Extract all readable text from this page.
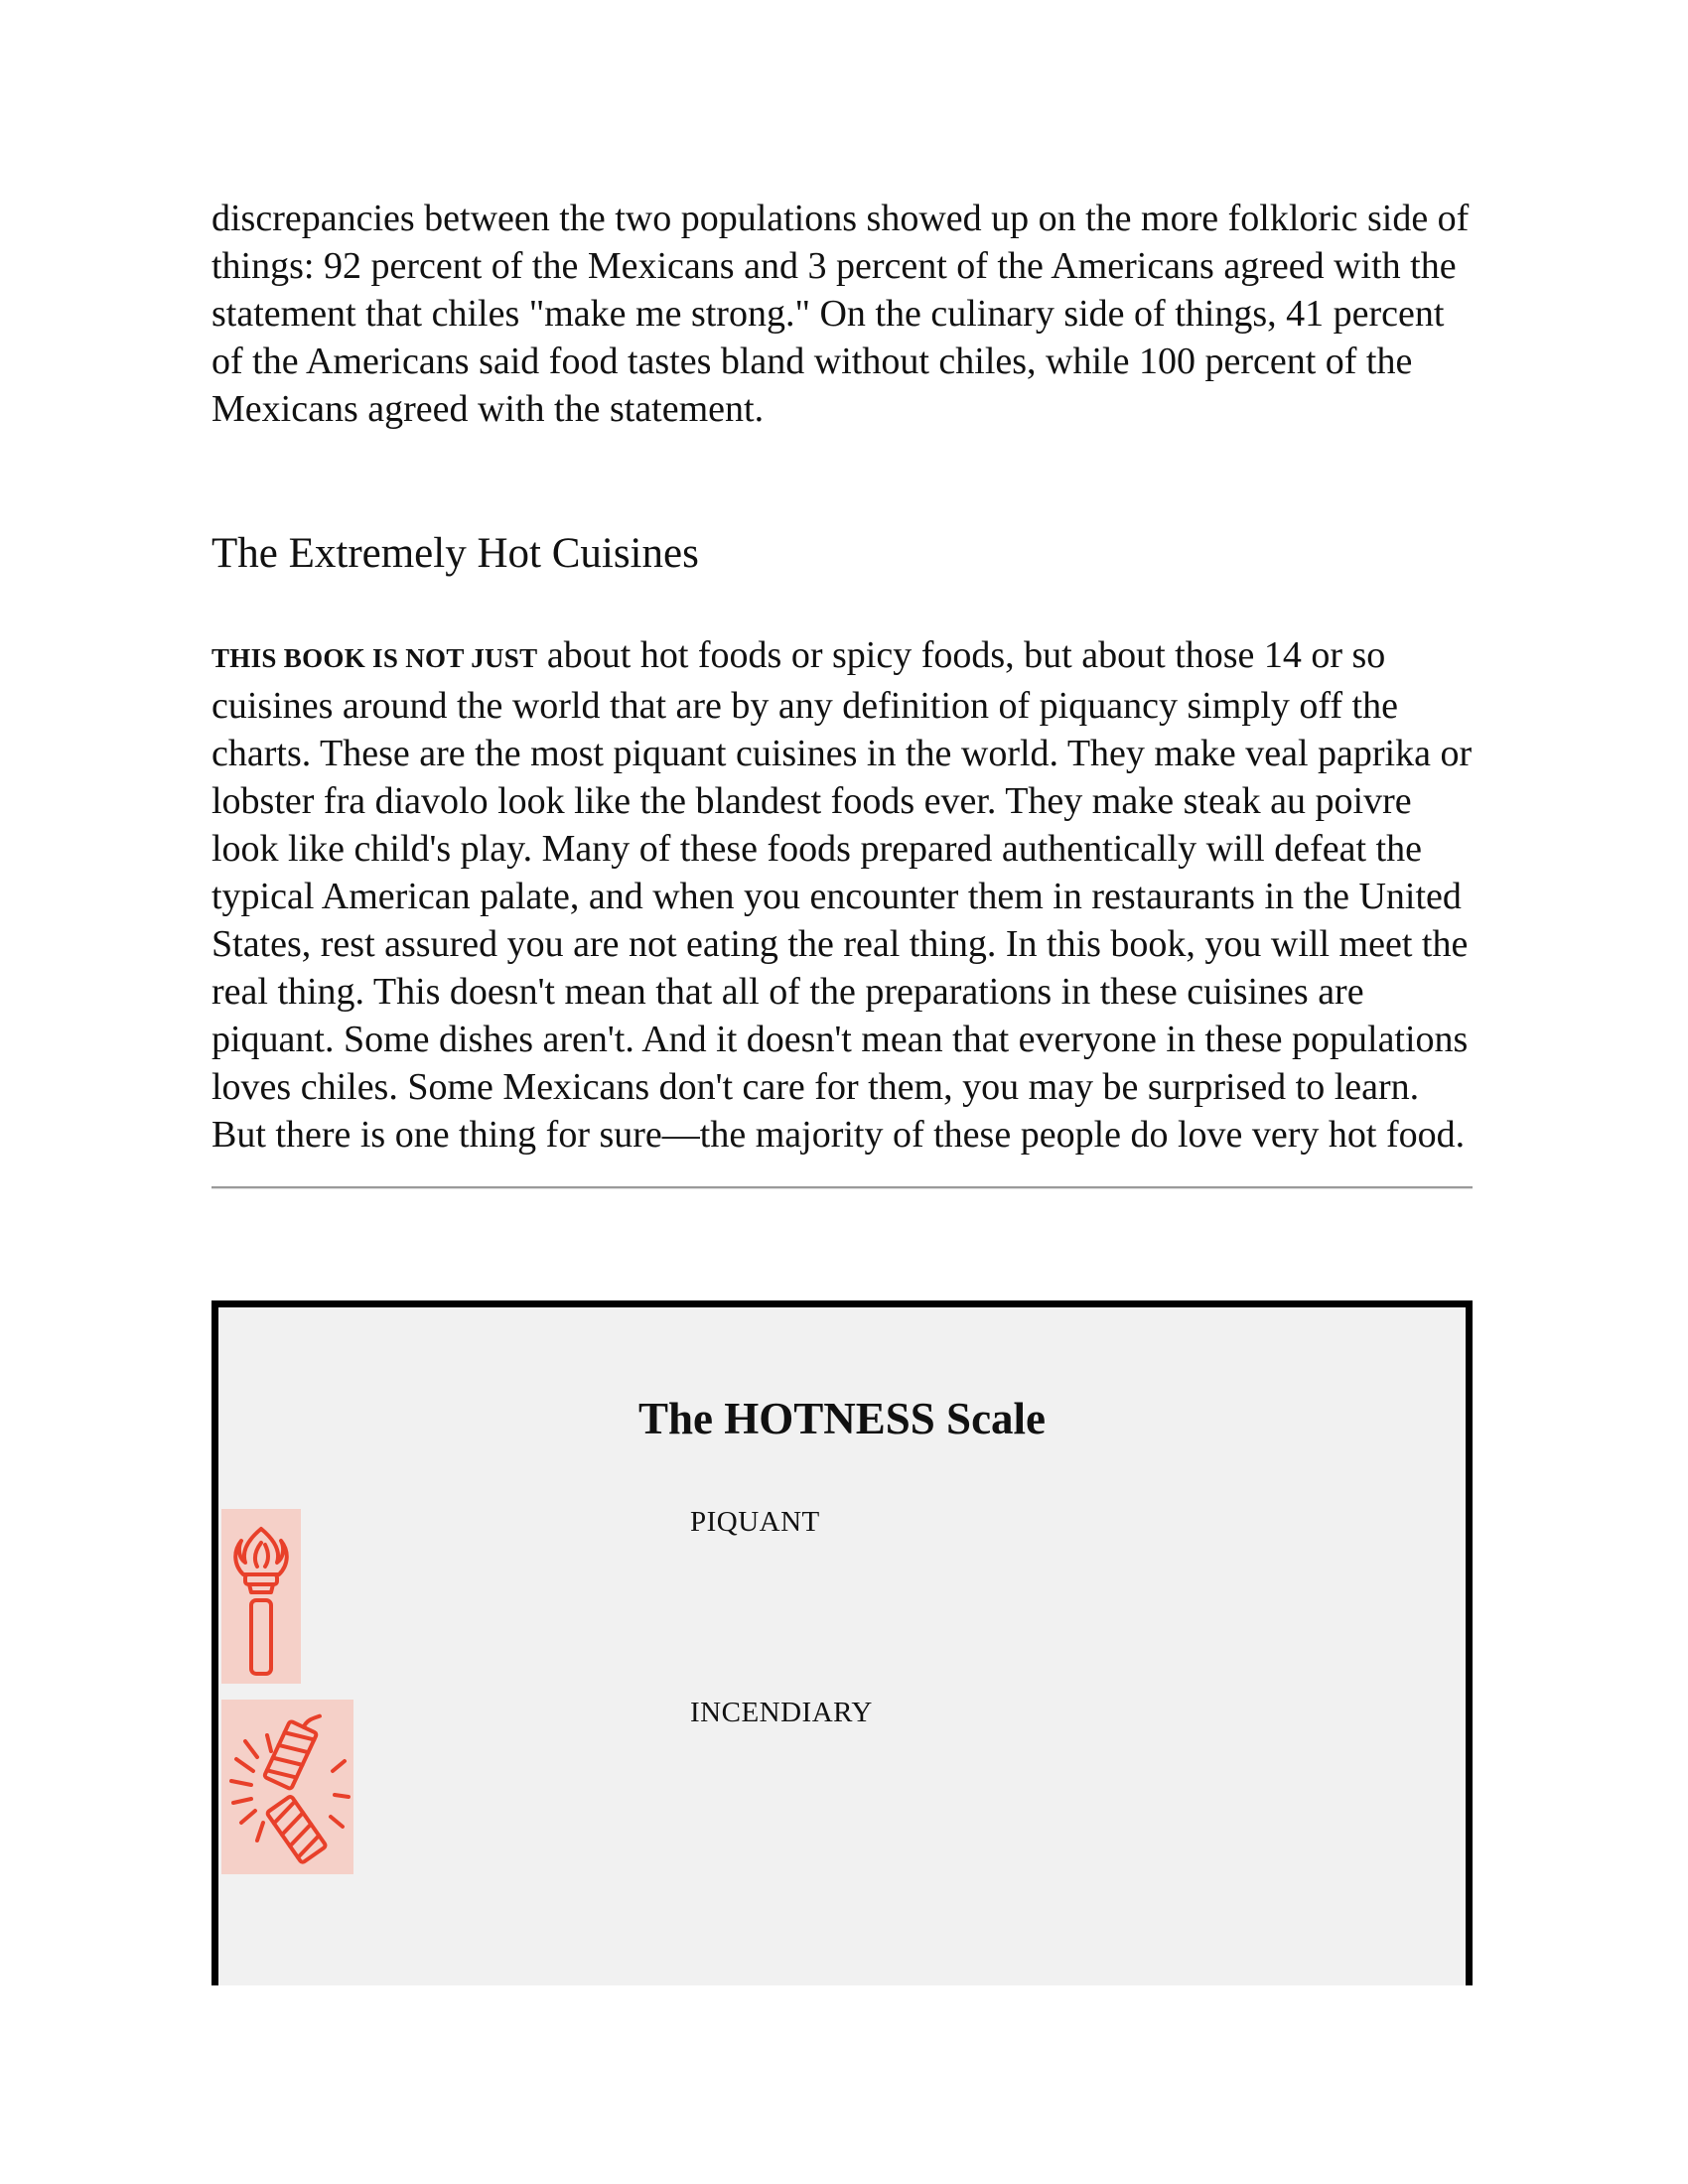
discrepancies between the two populations showed up on the more folkloric side of things: 92 percent of the Mexicans and 3 percent of the Americans agreed with the statement that chiles "make me strong." On the culinary side of things, 41 percent of the Americans said food tastes bland without chiles, while 100 percent of the Mexicans agreed with the statement.

The Extremely Hot Cuisines

THIS BOOK IS NOT JUST about hot foods or spicy foods, but about those 14 or so cuisines around the world that are by any definition of piquancy simply off the charts. These are the most piquant cuisines in the world. They make veal paprika or lobster fra diavolo look like the blandest foods ever. They make steak au poivre look like child's play. Many of these foods prepared authentically will defeat the typical American palate, and when you encounter them in restaurants in the United States, rest assured you are not eating the real thing. In this book, you will meet the real thing. This doesn't mean that all of the preparations in these cuisines are piquant. Some dishes aren't. And it doesn't mean that everyone in these populations loves chiles. Some Mexicans don't care for them, you may be surprised to learn. But there is one thing for sure—the majority of these people do love very hot food.

The HOTNESS Scale
PIQUANT
INCENDIARY
